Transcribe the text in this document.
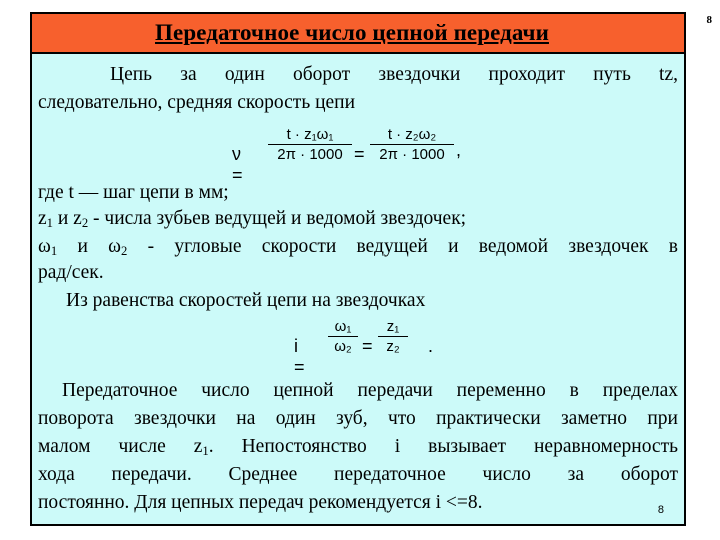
8
Передаточное число цепной передачи
Цепь за один оборот звездочки проходит путь tz,
следовательно, средняя скорость цепи
ν =
t · z₁ω₁
2π · 1000 =
t · z₂ω₂
2π · 1000 ,
где t — шаг цепи в мм;
$z_1$ и $z_2$ - числа зубьев ведущей и ведомой звездочек;
$\omega_1$ и $\omega_2$ - угловые скорости ведущей и ведомой звездочек в
рад/сек.
Из равенства скоростей цепи на звездочках
i =
ω₁
ω₂ =
z₁
z₂	.
Передаточное число цепной передачи переменно в пределах
поворота звездочки на один зуб, что практически заметно при
малом числе $z_1$. Непостоянство i вызывает неравномерность
хода передачи. Среднее передаточное число за оборот
постоянно. Для цепных передач рекомендуется i <=8.	8
